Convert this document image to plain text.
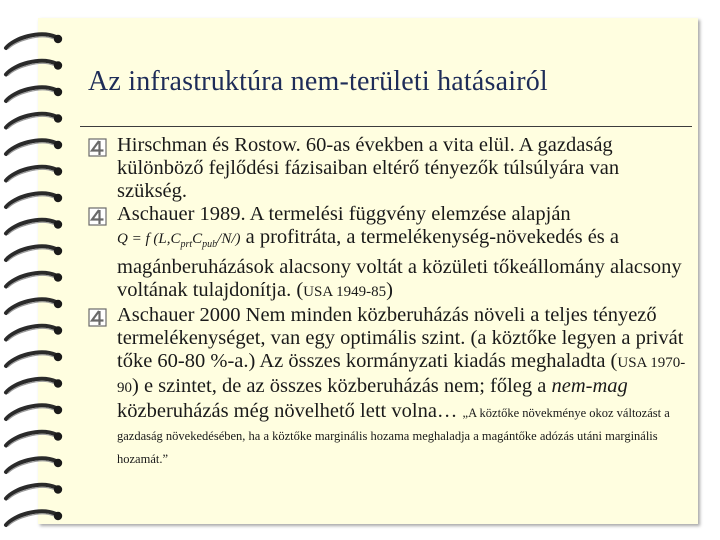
Az infrastruktúra nem-területi hatásairól
Hirschman és Rostow. 60-as években a vita elül. A gazdaság különböző fejlődési fázisaiban eltérő tényezők túlsúlyára van szükség.
Aschauer 1989. A termelési függvény elemzése alapján
Q = f $(L,C_{prt}C_{pub}/N/)$ a profitráta, a termelékenység-növekedés és a magánberuházások alacsony voltát a közületi tőkeállomány alacsony voltának tulajdonítja. (USA 1949-85)
Aschauer 2000 Nem minden közberuházás növeli a teljes tényező termelékenységet, van egy optimális szint. (a köztőke legyen a privát tőke 60-80 %-a.) Az összes kormányzati kiadás meghaladta (USA 1970-90) e szintet, de az összes közberuházás nem; főleg a nem-mag közberuházás még növelhető lett volna… „A köztőke növekménye okoz változást a gazdaság növekedésében, ha a köztőke marginális hozama meghaladja a magántőke adózás utáni marginális hozamát.”
